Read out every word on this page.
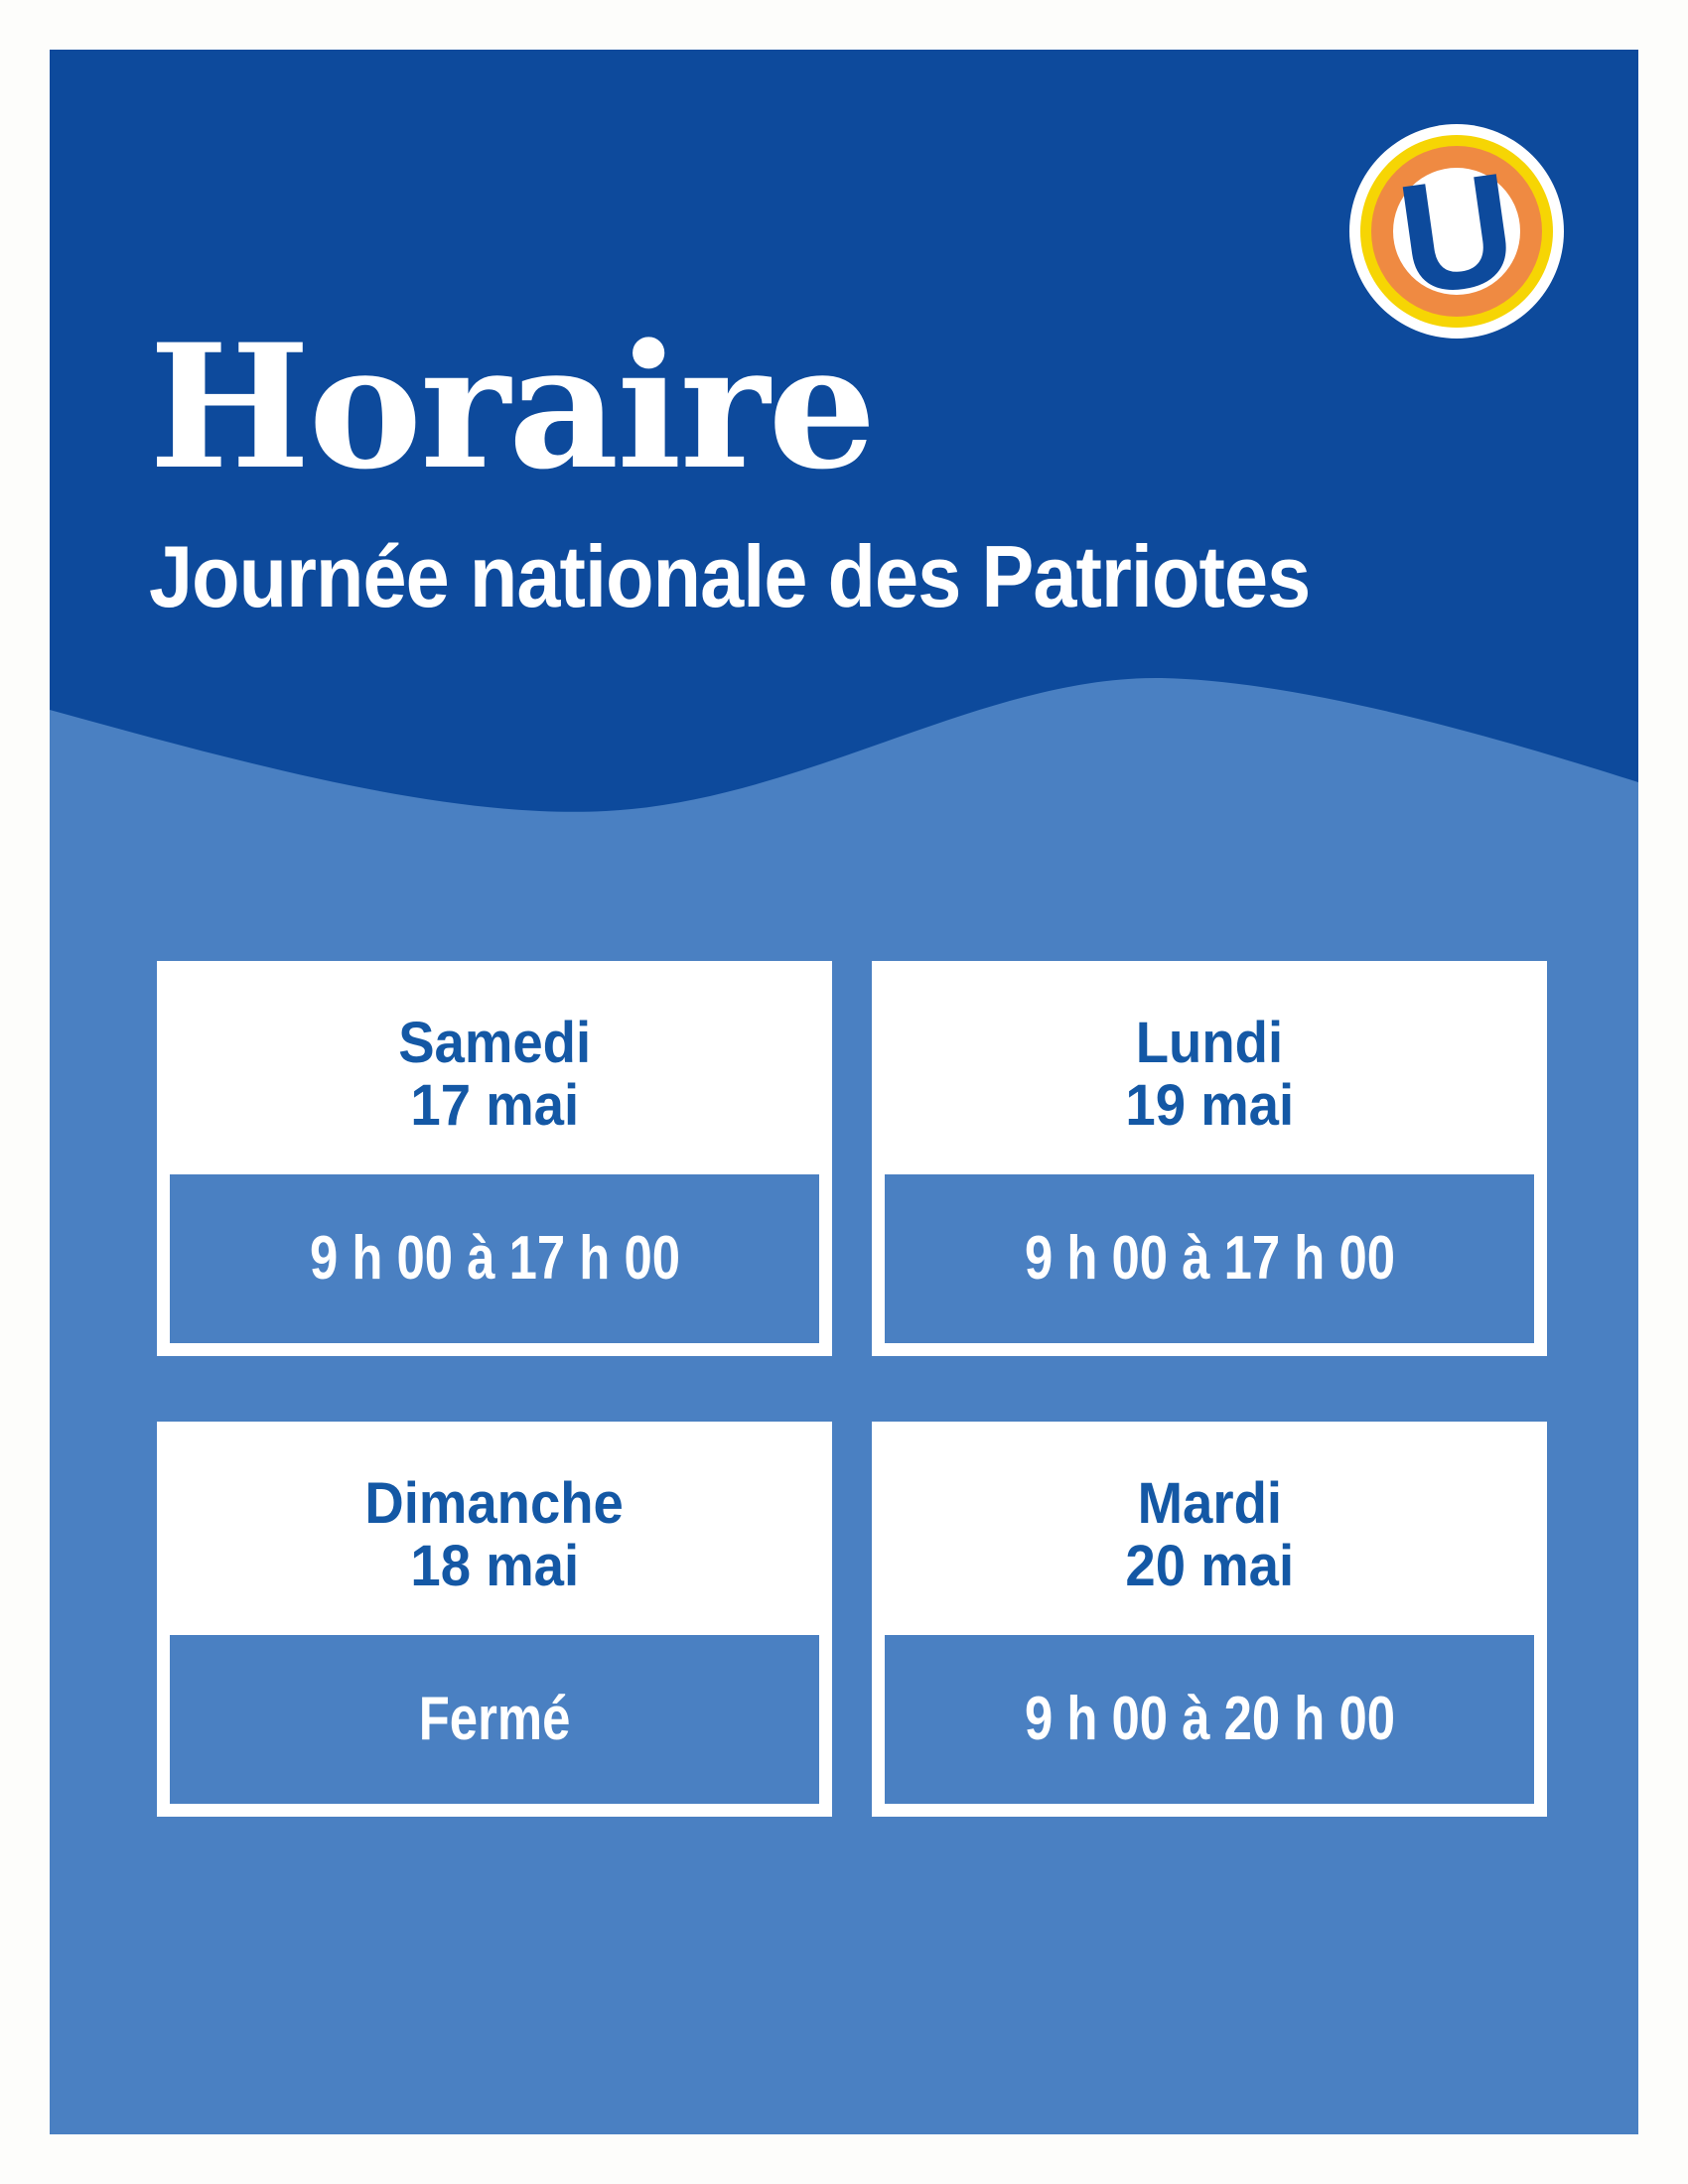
U
Horaire
Journée nationale des Patriotes
Samedi
17 mai
9 h 00 à 17 h 00
Lundi
19 mai
9 h 00 à 17 h 00
Dimanche
18 mai
Fermé
Mardi
20 mai
9 h 00 à 20 h 00
